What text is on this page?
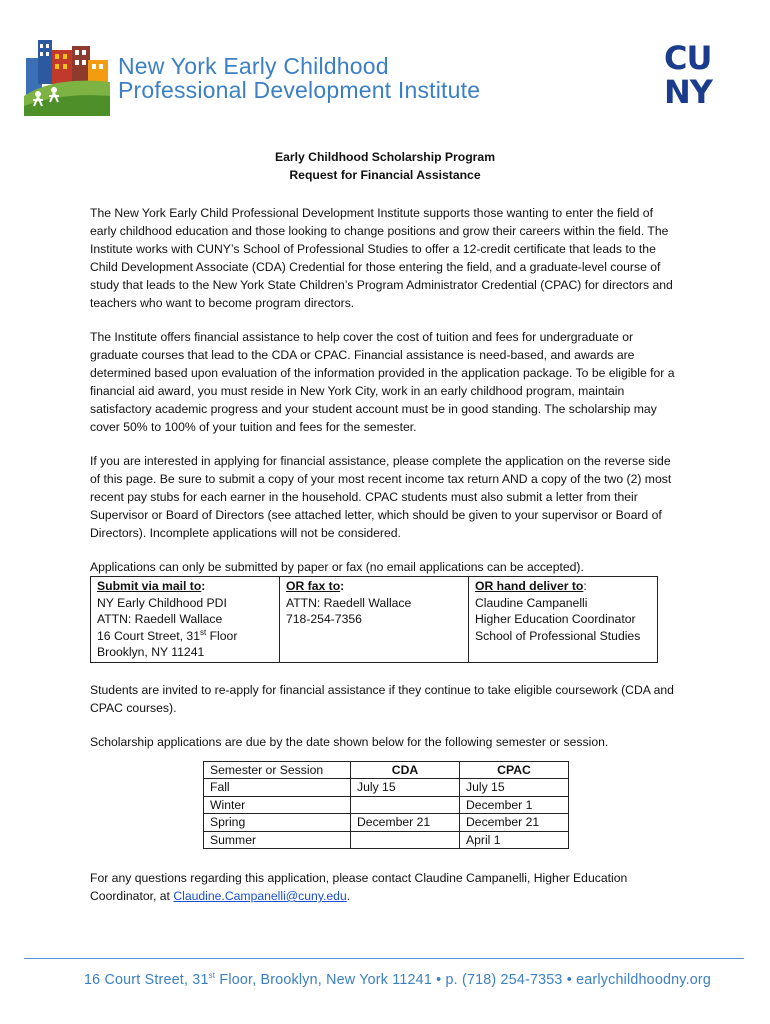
New York Early Childhood
Professional Development Institute
CU
NY
Early Childhood Scholarship Program
Request for Financial Assistance

The New York Early Child Professional Development Institute supports those wanting to enter the field of early childhood education and those looking to change positions and grow their careers within the field. The Institute works with CUNY’s School of Professional Studies to offer a 12-credit certificate that leads to the Child Development Associate (CDA) Credential for those entering the field, and a graduate-level course of study that leads to the New York State Children’s Program Administrator Credential (CPAC) for directors and teachers who want to become program directors.

The Institute offers financial assistance to help cover the cost of tuition and fees for undergraduate or graduate courses that lead to the CDA or CPAC. Financial assistance is need-based, and awards are determined based upon evaluation of the information provided in the application package. To be eligible for a financial aid award, you must reside in New York City, work in an early childhood program, maintain satisfactory academic progress and your student account must be in good standing. The scholarship may cover 50% to 100% of your tuition and fees for the semester.

If you are interested in applying for financial assistance, please complete the application on the reverse side of this page. Be sure to submit a copy of your most recent income tax return AND a copy of the two (2) most recent pay stubs for each earner in the household. CPAC students must also submit a letter from their Supervisor or Board of Directors (see attached letter, which should be given to your supervisor or Board of Directors). Incomplete applications will not be considered.

Applications can only be submitted by paper or fax (no email applications can be accepted).

Submit via mail to:
NY Early Childhood PDI
ATTN: Raedell Wallace
16 Court Street, 31st Floor
Brooklyn, NY 11241

OR fax to:
ATTN: Raedell Wallace
718-254-7356

OR hand deliver to:
Claudine Campanelli
Higher Education Coordinator
School of Professional Studies

Students are invited to re-apply for financial assistance if they continue to take eligible coursework (CDA and CPAC courses).

Scholarship applications are due by the date shown below for the following semester or session.

Semester or Session	CDA	CPAC
Fall	July 15	July 15
Winter		December 1
Spring	December 21	December 21
Summer		April 1

For any questions regarding this application, please contact Claudine Campanelli, Higher Education Coordinator, at Claudine.Campanelli@cuny.edu.

16 Court Street, 31st Floor, Brooklyn, New York 11241 • p. (718) 254-7353 • earlychildhoodny.org
